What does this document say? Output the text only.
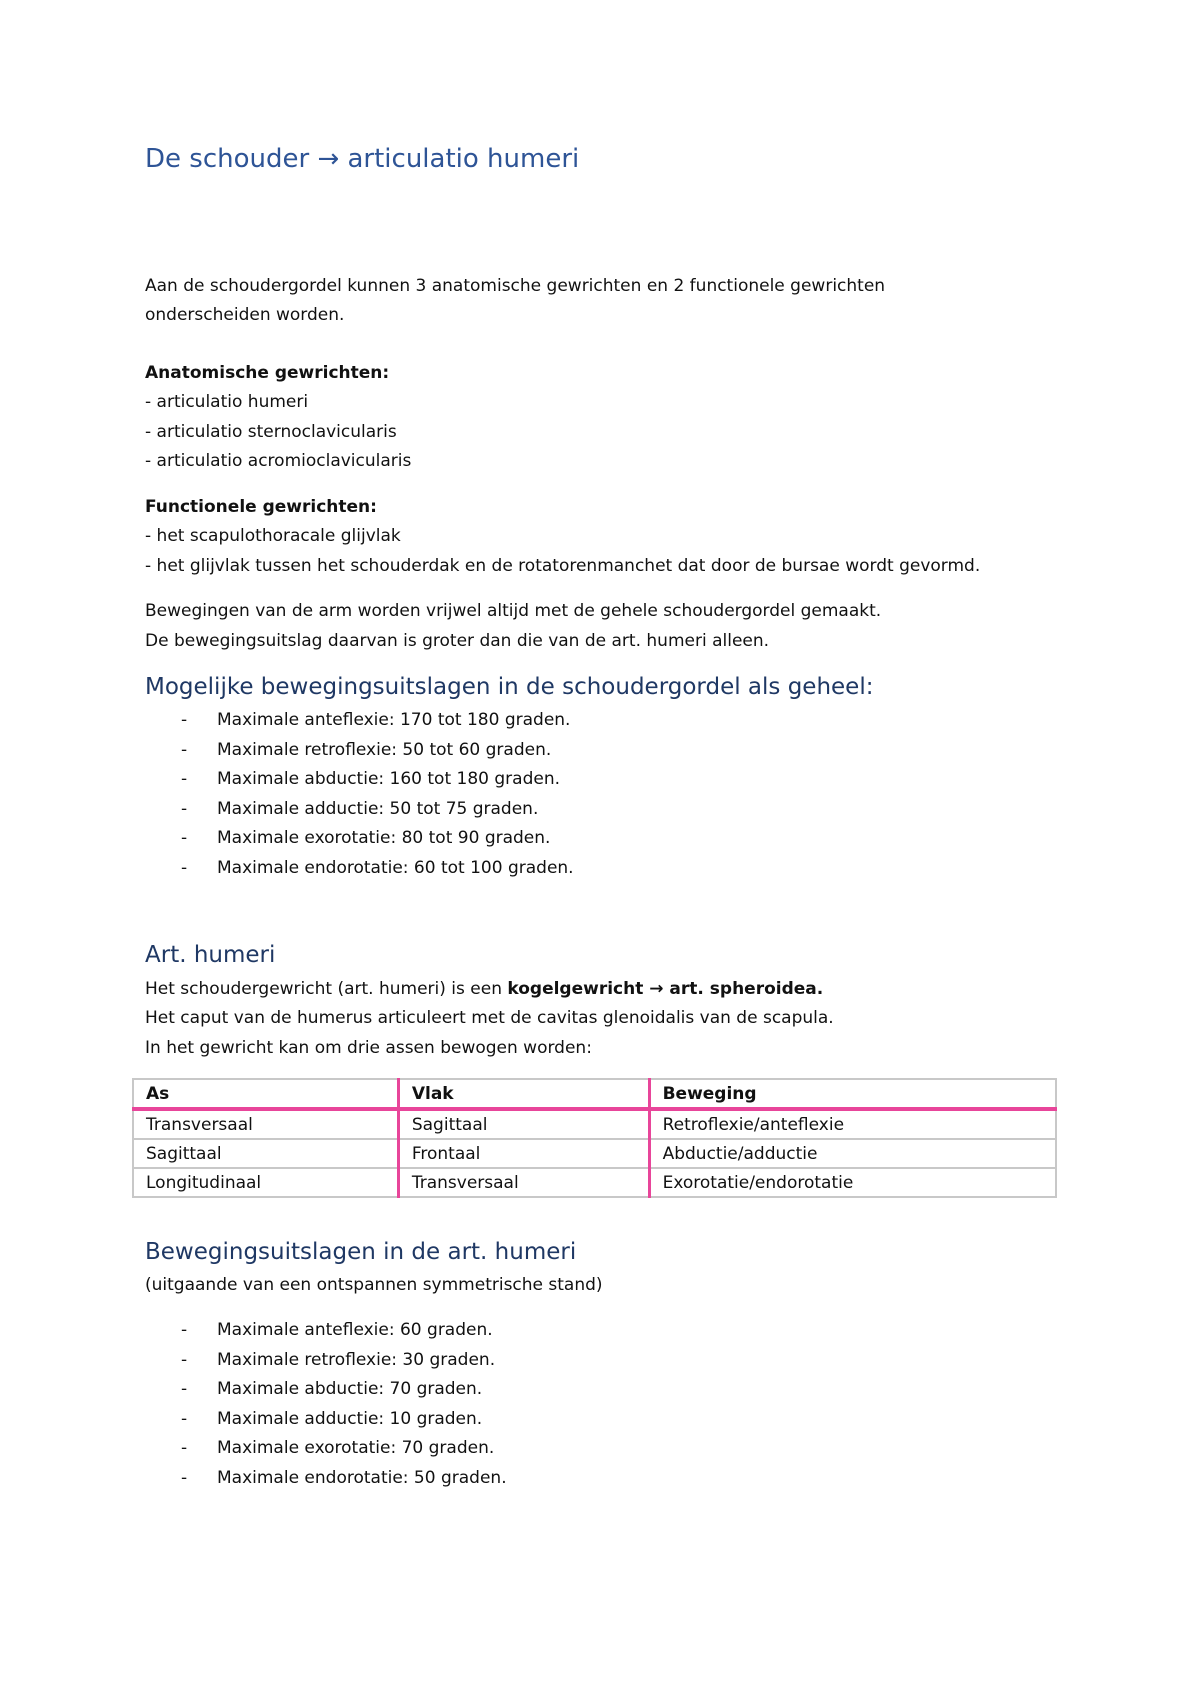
De schouder → articulatio humeri
Aan de schoudergordel kunnen 3 anatomische gewrichten en 2 functionele gewrichten
onderscheiden worden.
Anatomische gewrichten:
- articulatio humeri
- articulatio sternoclavicularis
- articulatio acromioclavicularis
Functionele gewrichten:
- het scapulothoracale glijvlak
- het glijvlak tussen het schouderdak en de rotatorenmanchet dat door de bursae wordt gevormd.
Bewegingen van de arm worden vrijwel altijd met de gehele schoudergordel gemaakt.
De bewegingsuitslag daarvan is groter dan die van de art. humeri alleen.
Mogelijke bewegingsuitslagen in de schoudergordel als geheel:
- Maximale anteflexie: 170 tot 180 graden.
- Maximale retroflexie: 50 tot 60 graden.
- Maximale abductie: 160 tot 180 graden.
- Maximale adductie: 50 tot 75 graden.
- Maximale exorotatie: 80 tot 90 graden.
- Maximale endorotatie: 60 tot 100 graden.
Art. humeri
Het schoudergewricht (art. humeri) is een kogelgewricht → art. spheroidea.
Het caput van de humerus articuleert met de cavitas glenoidalis van de scapula.
In het gewricht kan om drie assen bewogen worden:
As	Vlak	Beweging
Transversaal	Sagittaal	Retroflexie/anteflexie
Sagittaal	Frontaal	Abductie/adductie
Longitudinaal	Transversaal	Exorotatie/endorotatie
Bewegingsuitslagen in de art. humeri
(uitgaande van een ontspannen symmetrische stand)
- Maximale anteflexie: 60 graden.
- Maximale retroflexie: 30 graden.
- Maximale abductie: 70 graden.
- Maximale adductie: 10 graden.
- Maximale exorotatie: 70 graden.
- Maximale endorotatie: 50 graden.
